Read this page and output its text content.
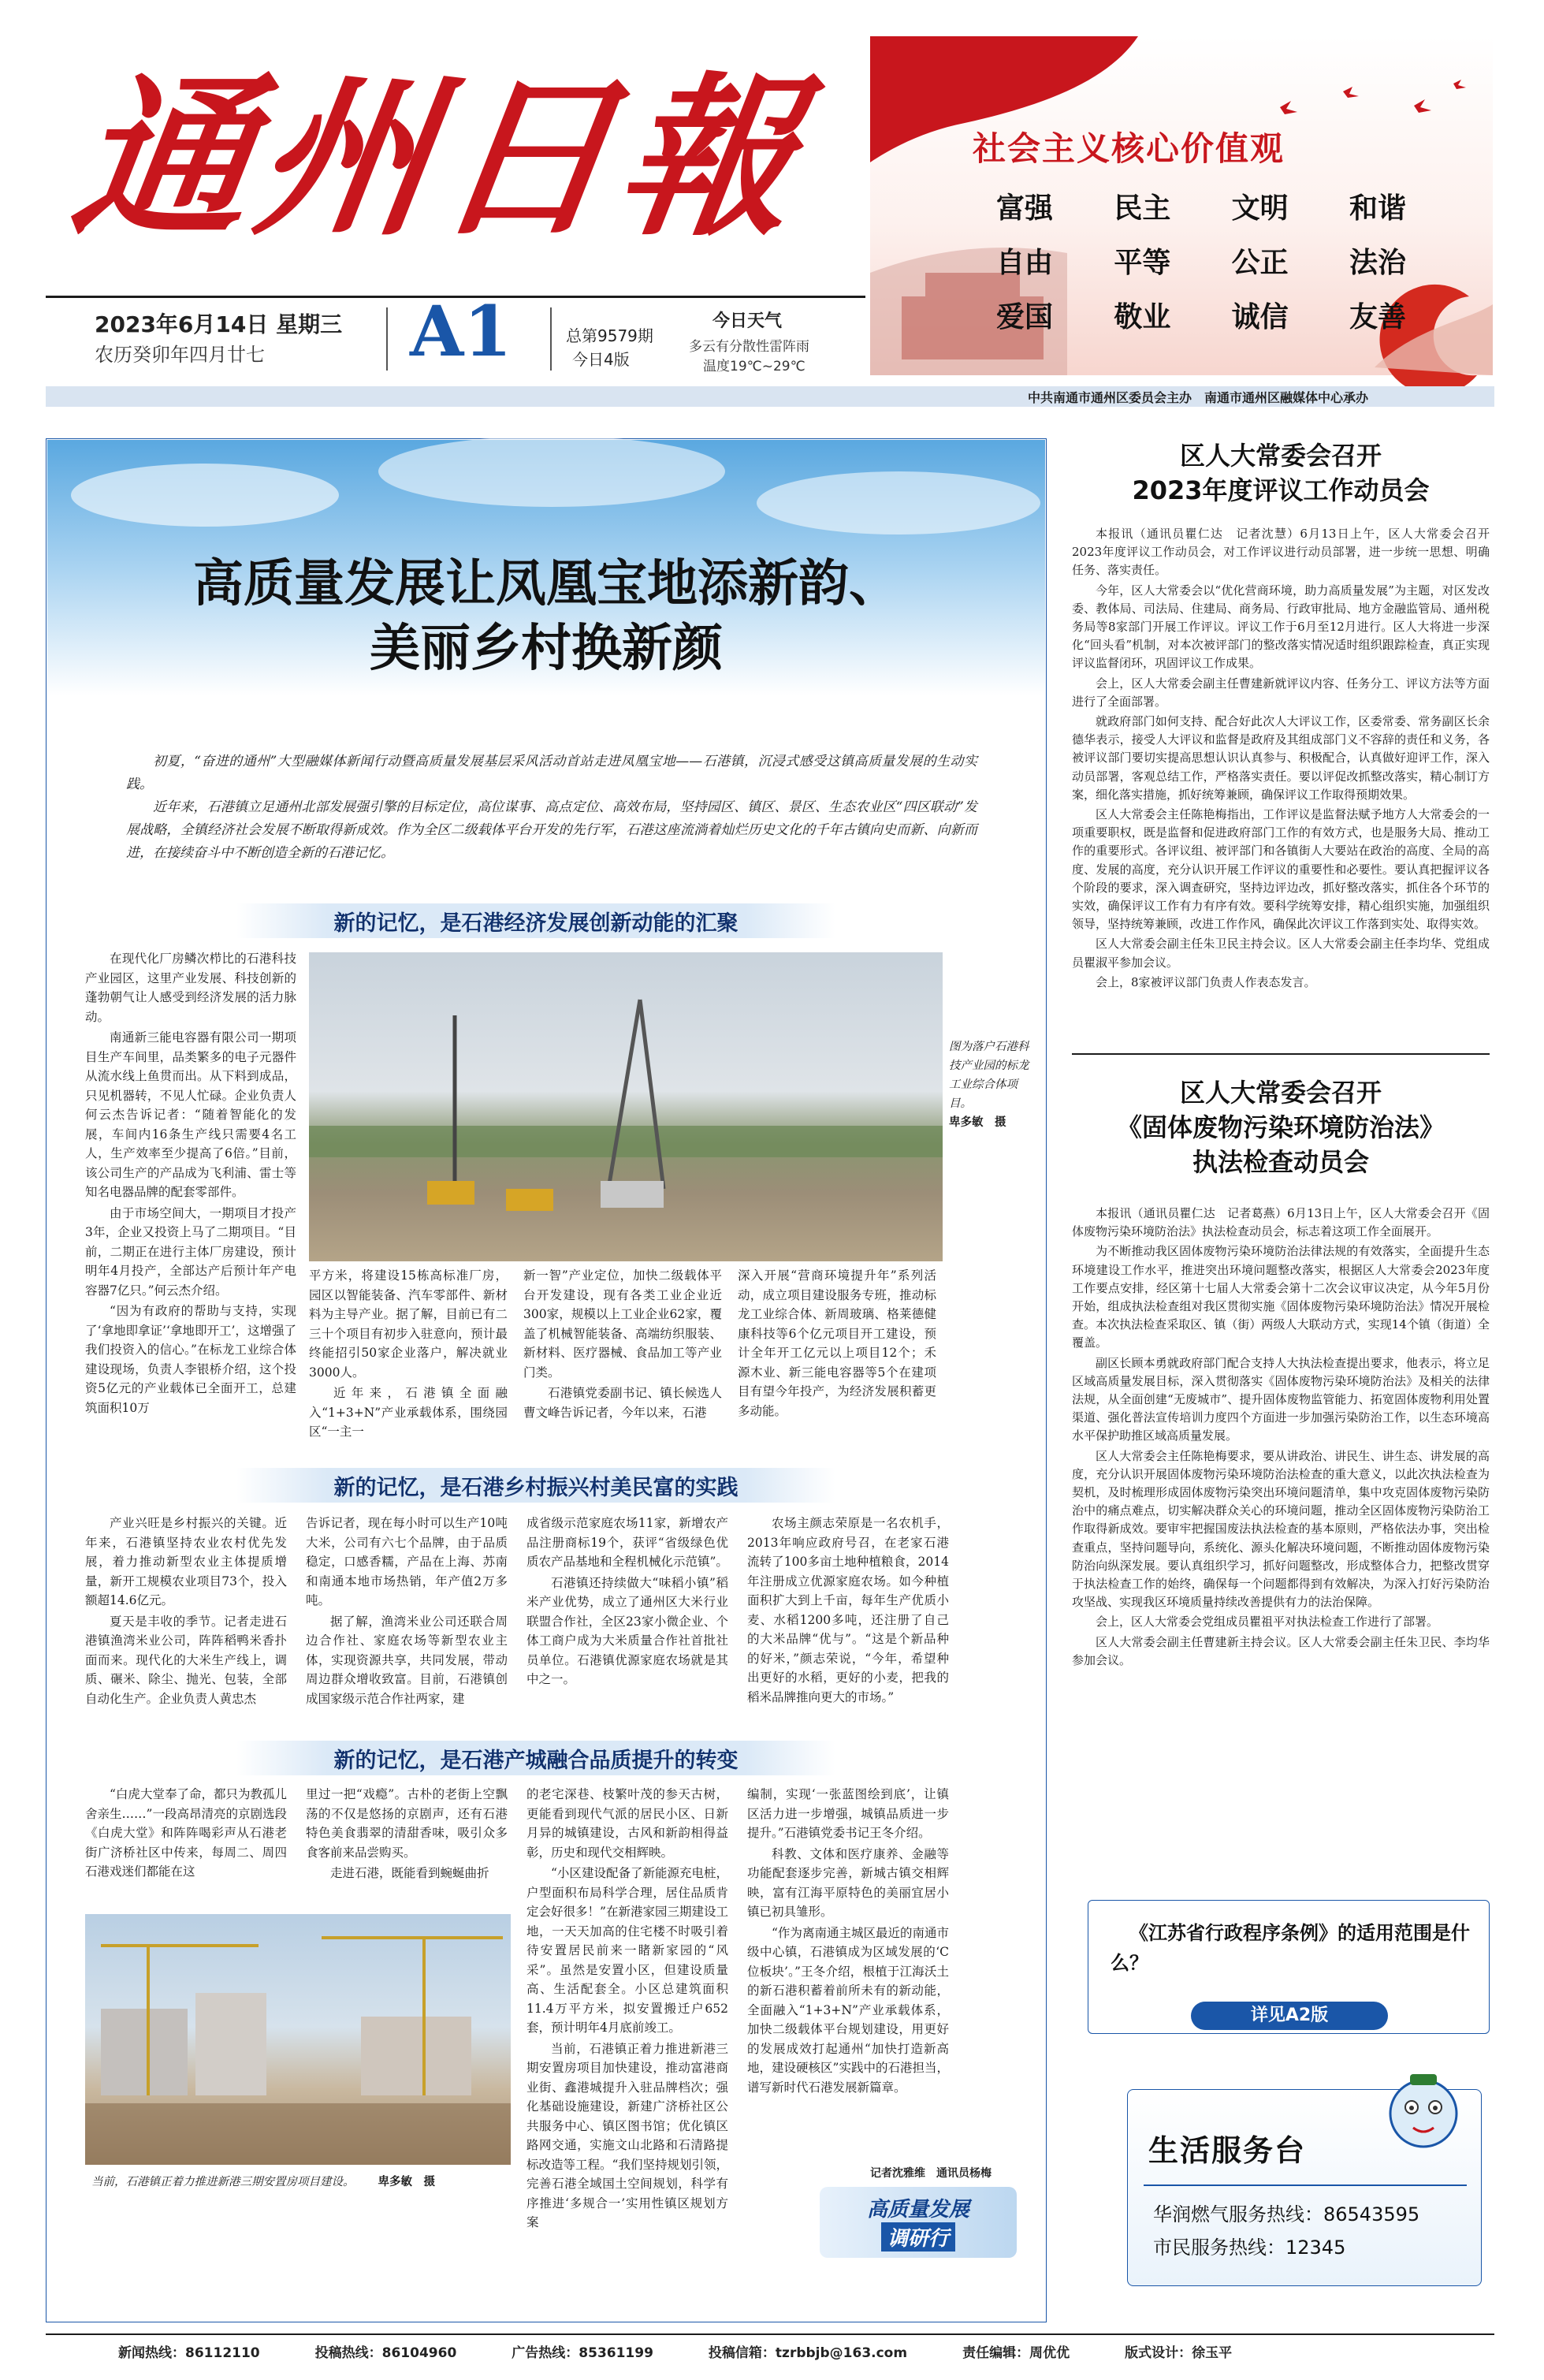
通州日報
2023年6月14日 星期三
农历癸卯年四月廿七 A1	总第9579期
今日4版
今日天气
多云有分散性雷阵雨
温度19℃~29℃
社会主义核心价值观
富强 民主 文明 和谐
自由 平等 公正 法治
爱国 敬业 诚信 友善
中共南通市通州区委员会主办　南通市通州区融媒体中心承办
高质量发展让凤凰宝地添新韵、
美丽乡村换新颜

初夏，“奋进的通州”大型融媒体新闻行动暨高质量发展基层采风活动首站走进凤凰宝地——石港镇，沉浸式感受这镇高质量发展的生动实践。

近年来，石港镇立足通州北部发展强引擎的目标定位，高位谋事、高点定位、高效布局，坚持园区、镇区、景区、生态农业区“四区联动”发展战略，全镇经济社会发展不断取得新成效。作为全区二级载体平台开发的先行军，石港这座流淌着灿烂历史文化的千年古镇向史而新、向新而进，在接续奋斗中不断创造全新的石港记忆。

新的记忆，是石港经济发展创新动能的汇聚

在现代化厂房鳞次栉比的石港科技产业园区，这里产业发展、科技创新的蓬勃朝气让人感受到经济发展的活力脉动。

南通新三能电容器有限公司一期项目生产车间里，品类繁多的电子元器件从流水线上鱼贯而出。从下料到成品，只见机器转，不见人忙碌。企业负责人何云杰告诉记者：“随着智能化的发展，车间内16条生产线只需要4名工人，生产效率至少提高了6倍。”目前，该公司生产的产品成为飞利浦、雷士等知名电器品牌的配套零部件。

由于市场空间大，一期项目才投产3年，企业又投资上马了二期项目。“目前，二期正在进行主体厂房建设，预计明年4月投产，全部达产后预计年产电容器7亿只。”何云杰介绍。

“因为有政府的帮助与支持，实现了‘拿地即拿证’‘拿地即开工’，这增强了我们投资入的信心。”在标龙工业综合体建设现场，负责人李银桥介绍，这个投资5亿元的产业载体已全面开工，总建筑面积10万

图为落户石港科技产业园的标龙工业综合体项目。
卑多敏　摄

平方米，将建设15栋高标准厂房，园区以智能装备、汽车零部件、新材料为主导产业。据了解，目前已有二三十个项目有初步入驻意向，预计最终能招引50家企业落户，解决就业3000人。

近年来，石港镇全面融入“1+3+N”产业承载体系，围绕园区“一主一

新一智”产业定位，加快二级载体平台开发建设，现有各类工业企业近300家，规模以上工业企业62家，覆盖了机械智能装备、高端纺织服装、新材料、医疗器械、食品加工等产业门类。

石港镇党委副书记、镇长候选人曹文峰告诉记者，今年以来，石港

深入开展“营商环境提升年”系列活动，成立项目建设服务专班，推动标龙工业综合体、新周玻璃、格莱德健康科技等6个亿元项目开工建设，预计全年开工亿元以上项目12个；禾源木业、新三能电容器等5个在建项目有望今年投产，为经济发展积蓄更多动能。

新的记忆，是石港乡村振兴村美民富的实践

产业兴旺是乡村振兴的关键。近年来，石港镇坚持农业农村优先发展，着力推动新型农业主体提质增量，新开工规模农业项目73个，投入额超14.6亿元。

夏天是丰收的季节。记者走进石港镇渔湾米业公司，阵阵稻鸭米香扑面而来。现代化的大米生产线上，调质、碾米、除尘、抛光、包装，全部自动化生产。企业负责人黄忠杰

告诉记者，现在每小时可以生产10吨大米，公司有六七个品牌，由于品质稳定，口感香糯，产品在上海、苏南和南通本地市场热销，年产值2万多吨。

据了解，渔湾米业公司还联合周边合作社、家庭农场等新型农业主体，实现资源共享，共同发展，带动周边群众增收致富。目前，石港镇创成国家级示范合作社两家，建

成省级示范家庭农场11家，新增农产品注册商标19个，获评“省级绿色优质农产品基地和全程机械化示范镇”。

石港镇还持续做大“味稻小镇”稻米产业优势，成立了通州区大米行业联盟合作社，全区23家小微企业、个体工商户成为大米质量合作社首批社员单位。石港镇优源家庭农场就是其中之一。

农场主颜志荣原是一名农机手，2013年响应政府号召，在老家石港流转了100多亩土地种植粮食，2014年注册成立优源家庭农场。如今种植面积扩大到上千亩，每年生产优质小麦、水稻1200多吨，还注册了自己的大米品牌“优与”。“这是个新品种的好米，”颜志荣说，“今年，希望种出更好的水稻，更好的小麦，把我的稻米品牌推向更大的市场。”

新的记忆，是石港产城融合品质提升的转变

“白虎大堂奉了命，都只为教孤儿舍亲生……”一段高昂清亮的京剧选段《白虎大堂》和阵阵喝彩声从石港老街广济桥社区中传来，每周二、周四石港戏迷们都能在这

里过一把“戏瘾”。古朴的老街上空飘荡的不仅是悠扬的京剧声，还有石港特色美食翡翠的清甜香味，吸引众多食客前来品尝购买。

走进石港，既能看到蜿蜒曲折

的老宅深巷、枝繁叶茂的参天古树，更能看到现代气派的居民小区、日新月异的城镇建设，古风和新韵相得益彰，历史和现代交相辉映。

“小区建设配备了新能源充电桩，户型面积布局科学合理，居住品质肯定会好很多！”在新港家园三期建设工地，一天天加高的住宅楼不时吸引着待安置居民前来一睹新家园的“风采”。虽然是安置小区，但建设质量高、生活配套全。小区总建筑面积11.4万平方米，拟安置搬迁户652套，预计明年4月底前竣工。

当前，石港镇正着力推进新港三期安置房项目加快建设，推动富港商业街、鑫港城提升入驻品牌档次；强化基础设施建设，新建广济桥社区公共服务中心、镇区图书馆；优化镇区路网交通，实施文山北路和石清路提标改造等工程。“我们坚持规划引领，完善石港全域国土空间规划，科学有序推进‘多规合一’实用性镇区规划方案

编制，实现‘一张蓝图绘到底’，让镇区活力进一步增强，城镇品质进一步提升。”石港镇党委书记王冬介绍。

科教、文体和医疗康养、金融等功能配套逐步完善，新城古镇交相辉映，富有江海平原特色的美丽宜居小镇已初具雏形。

“作为离南通主城区最近的南通市级中心镇，石港镇成为区域发展的‘C位板块’。”王冬介绍，根植于江海沃土的新石港积蓄着前所未有的新动能，全面融入“1+3+N”产业承载体系，加快二级载体平台规划建设，用更好的发展成效打起通州“加快打造新高地，建设硬核区”实践中的石港担当，谱写新时代石港发展新篇章。

记者沈雅维　通讯员杨梅
当前，石港镇正着力推进新港三期安置房项目建设。 卑多敏　摄
高质量发展
调研行
区人大常委会召开
2023年度评议工作动员会

本报讯（通讯员瞿仁达　记者沈慧）6月13日上午，区人大常委会召开2023年度评议工作动员会，对工作评议进行动员部署，进一步统一思想、明确任务、落实责任。

今年，区人大常委会以“优化营商环境，助力高质量发展”为主题，对区发改委、教体局、司法局、住建局、商务局、行政审批局、地方金融监管局、通州税务局等8家部门开展工作评议。评议工作于6月至12月进行。区人大将进一步深化“回头看”机制，对本次被评部门的整改落实情况适时组织跟踪检查，真正实现评议监督闭环，巩固评议工作成果。

会上，区人大常委会副主任曹建新就评议内容、任务分工、评议方法等方面进行了全面部署。

就政府部门如何支持、配合好此次人大评议工作，区委常委、常务副区长余德华表示，接受人大评议和监督是政府及其组成部门义不容辞的责任和义务，各被评议部门要切实提高思想认识认真参与、积极配合，认真做好迎评工作，深入动员部署，客观总结工作，严格落实责任。要以评促改抓整改落实，精心制订方案，细化落实措施，抓好统筹兼顾，确保评议工作取得预期效果。

区人大常委会主任陈艳梅指出，工作评议是监督法赋予地方人大常委会的一项重要职权，既是监督和促进政府部门工作的有效方式，也是服务大局、推动工作的重要形式。各评议组、被评部门和各镇街人大要站在政治的高度、全局的高度、发展的高度，充分认识开展工作评议的重要性和必要性。要认真把握评议各个阶段的要求，深入调查研究，坚持边评边改，抓好整改落实，抓住各个环节的实效，确保评议工作有力有序有效。要科学统筹安排，精心组织实施，加强组织领导，坚持统筹兼顾，改进工作作风，确保此次评议工作落到实处、取得实效。

区人大常委会副主任朱卫民主持会议。区人大常委会副主任李均华、党组成员瞿淑平参加会议。

会上，8家被评议部门负责人作表态发言。

区人大常委会召开
《固体废物污染环境防治法》
执法检查动员会

本报讯（通讯员瞿仁达　记者葛燕）6月13日上午，区人大常委会召开《固体废物污染环境防治法》执法检查动员会，标志着这项工作全面展开。

为不断推动我区固体废物污染环境防治法律法规的有效落实，全面提升生态环境建设工作水平，推进突出环境问题整改落实，根据区人大常委会2023年度工作要点安排，经区第十七届人大常委会第十二次会议审议决定，从今年5月份开始，组成执法检查组对我区贯彻实施《固体废物污染环境防治法》情况开展检查。本次执法检查采取区、镇（街）两级人大联动方式，实现14个镇（街道）全覆盖。

副区长顾本勇就政府部门配合支持人大执法检查提出要求，他表示，将立足区域高质量发展目标，深入贯彻落实《固体废物污染环境防治法》及相关的法律法规，从全面创建“无废城市”、提升固体废物监管能力、拓宽固体废物利用处置渠道、强化普法宣传培训力度四个方面进一步加强污染防治工作，以生态环境高水平保护助推区域高质量发展。

区人大常委会主任陈艳梅要求，要从讲政治、讲民生、讲生态、讲发展的高度，充分认识开展固体废物污染环境防治法检查的重大意义，以此次执法检查为契机，及时梳理形成固体废物污染突出环境问题清单，集中攻克固体废物污染防治中的痛点难点，切实解决群众关心的环境问题，推动全区固体废物污染防治工作取得新成效。要审牢把握国废法执法检查的基本原则，严格依法办事，突出检查重点，坚持问题导向，系统化、源头化解决环境问题，不断推动固体废物污染防治向纵深发展。要认真组织学习，抓好问题整改，形成整体合力，把整改贯穿于执法检查工作的始终，确保每一个问题都得到有效解决，为深入打好污染防治攻坚战、实现我区环境质量持续改善提供有力的法治保障。

会上，区人大常委会党组成员瞿祖平对执法检查工作进行了部署。

区人大常委会副主任曹建新主持会议。区人大常委会副主任朱卫民、李均华参加会议。

《江苏省行政程序条例》的适用范围是什么？
详见A2版
生活服务台
华润燃气服务热线：86543595
市民服务热线：12345
新闻热线：86112110	投稿热线：86104960	广告热线：85361199	投稿信箱：tzrbbjb@163.com	责任编辑：周优优	版式设计：徐玉平
